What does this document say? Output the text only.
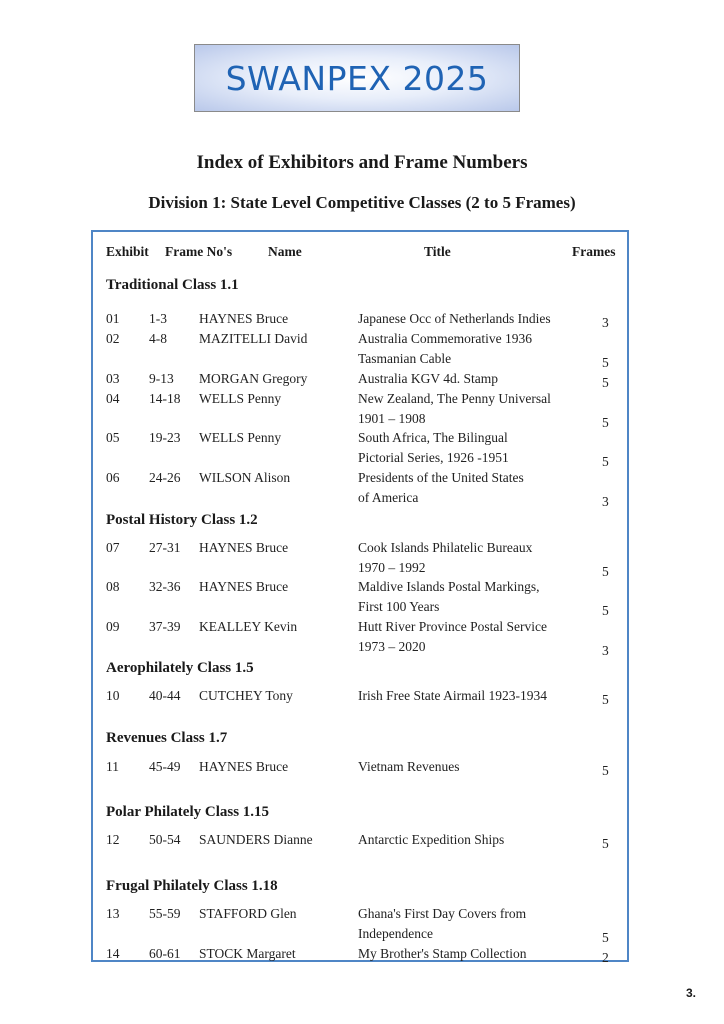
SWANPEX 2025
Index of Exhibitors and Frame Numbers
Division 1: State Level Competitive Classes (2 to 5 Frames)
Exhibit Frame No's	Name	Title	Frames
Traditional Class 1.1
01 1-3 HAYNES Bruce	Japanese Occ of Netherlands Indies	3
02 4-8 MAZITELLI David	Australia Commemorative 1936
Tasmanian Cable	5
03 9-13 MORGAN Gregory	Australia KGV 4d. Stamp	5
04 14-18 WELLS Penny	New Zealand, The Penny Universal
1901 – 1908	5
05 19-23 WELLS Penny	South Africa, The Bilingual
Pictorial Series, 1926 -1951	5
06 24-26 WILSON Alison	Presidents of the United States
of America	3
Postal History Class 1.2
07 27-31 HAYNES Bruce	Cook Islands Philatelic Bureaux
1970 – 1992	5
08 32-36 HAYNES Bruce	Maldive Islands Postal Markings,
First 100 Years	5
09 37-39 KEALLEY Kevin	Hutt River Province Postal Service
1973 – 2020	3
Aerophilately Class 1.5
10 40-44 CUTCHEY Tony	Irish Free State Airmail 1923-1934	5
Revenues Class 1.7
11 45-49 HAYNES Bruce	Vietnam Revenues	5
Polar Philately Class 1.15
12 50-54 SAUNDERS Dianne	Antarctic Expedition Ships	5
Frugal Philately Class 1.18
13 55-59 STAFFORD Glen	Ghana's First Day Covers from
Independence	5
14 60-61 STOCK Margaret	My Brother's Stamp Collection	2
3.
